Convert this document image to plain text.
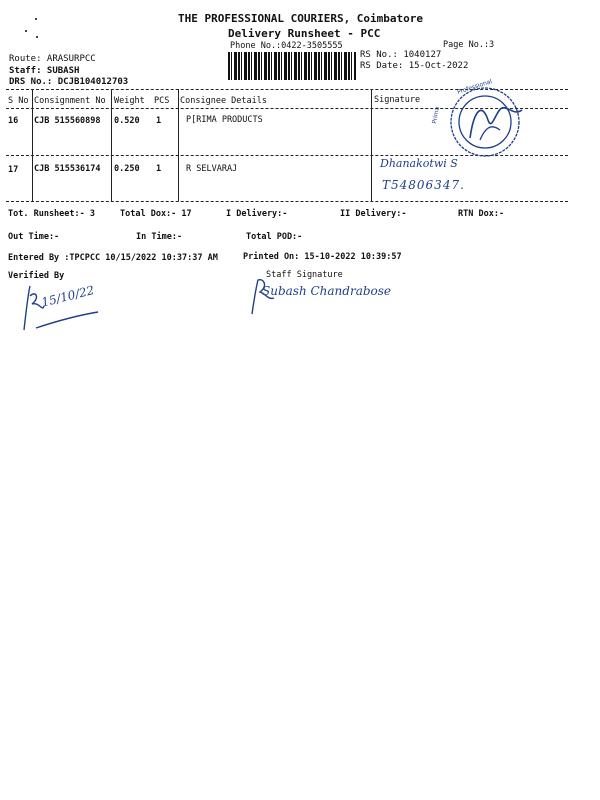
THE PROFESSIONAL COURIERS, Coimbatore
Delivery Runsheet - PCC
Phone No.:0422-3505555	Page No.:3
RS No.: 1040127
RS Date: 15-Oct-2022
Route: ARASURPCC
Staff: SUBASH
DRS No.: DCJB104012703
S No Consignment No Weight PCS Consignee Details	Signature
16 CJB 515560898 0.520 1	P[RIMA PRODUCTS
17 CJB 515536174 0.250 1	R SELVARAJ
Professional
Prima
Dhanakotwi S
T54806347.
Tot. Runsheet:- 3	Total Dox:- 17	I Delivery:-	II Delivery:-	RTN Dox:-
Out Time:-	In Time:-	Total POD:-
Entered By :TPCPCC 10/15/2022 10:37:37 AM	Printed On: 15-10-2022 10:39:57
Verified By	Staff Signature
15/10/22	Subash Chandrabose
